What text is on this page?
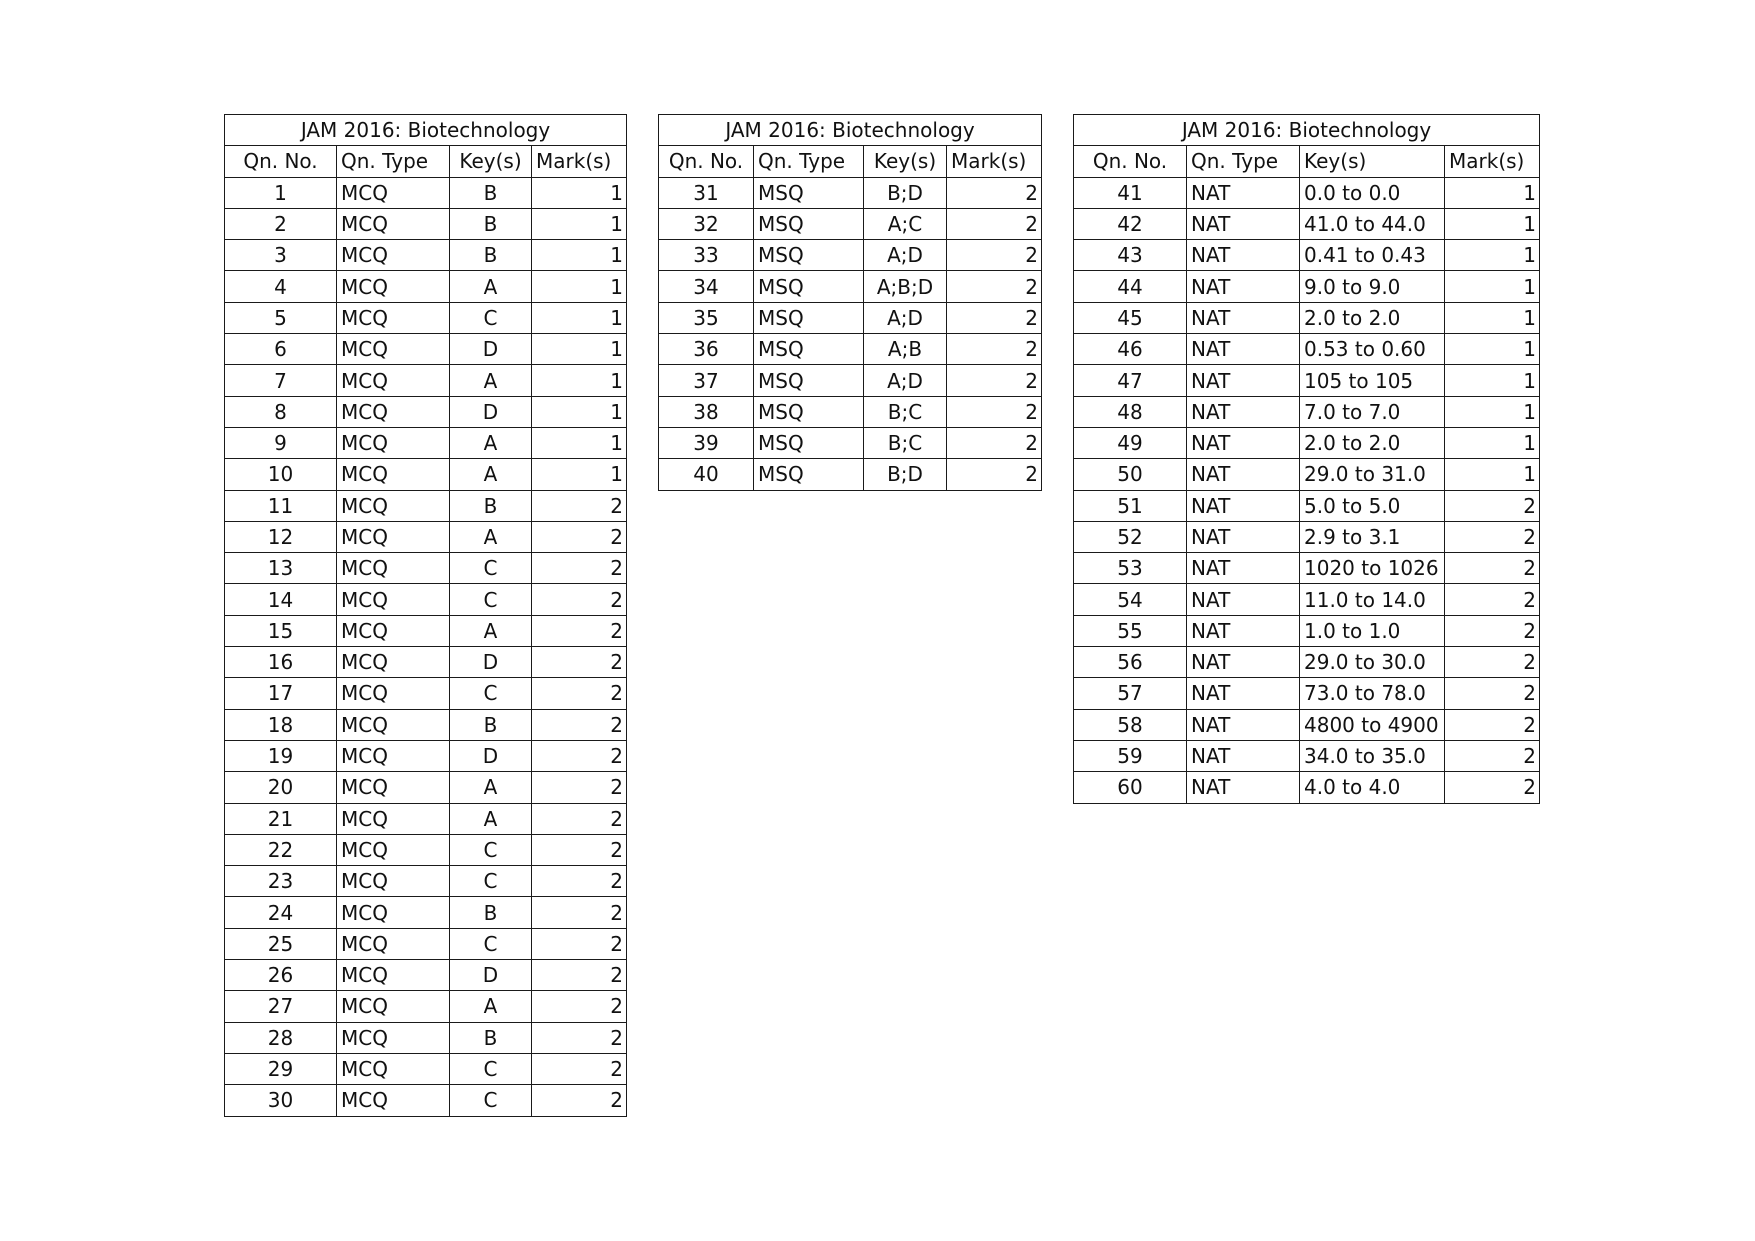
JAM 2016: Biotechnology			
Qn. No.	Qn. Type	Key(s)	Mark(s)
1	MCQ	B	1
2	MCQ	B	1
3	MCQ	B	1
4	MCQ	A	1
5	MCQ	C	1
6	MCQ	D	1
7	MCQ	A	1
8	MCQ	D	1
9	MCQ	A	1
10	MCQ	A	1
11	MCQ	B	2
12	MCQ	A	2
13	MCQ	C	2
14	MCQ	C	2
15	MCQ	A	2
16	MCQ	D	2
17	MCQ	C	2
18	MCQ	B	2
19	MCQ	D	2
20	MCQ	A	2
21	MCQ	A	2
22	MCQ	C	2
23	MCQ	C	2
24	MCQ	B	2
25	MCQ	C	2
26	MCQ	D	2
27	MCQ	A	2
28	MCQ	B	2
29	MCQ	C	2
30	MCQ	C	2
JAM 2016: Biotechnology			
Qn. No.	Qn. Type	Key(s)	Mark(s)
31	MSQ	B;D	2
32	MSQ	A;C	2
33	MSQ	A;D	2
34	MSQ	A;B;D	2
35	MSQ	A;D	2
36	MSQ	A;B	2
37	MSQ	A;D	2
38	MSQ	B;C	2
39	MSQ	B;C	2
40	MSQ	B;D	2
JAM 2016: Biotechnology			
Qn. No.	Qn. Type	Key(s)	Mark(s)
41	NAT	0.0 to 0.0	1
42	NAT	41.0 to 44.0	1
43	NAT	0.41 to 0.43	1
44	NAT	9.0 to 9.0	1
45	NAT	2.0 to 2.0	1
46	NAT	0.53 to 0.60	1
47	NAT	105 to 105	1
48	NAT	7.0 to 7.0	1
49	NAT	2.0 to 2.0	1
50	NAT	29.0 to 31.0	1
51	NAT	5.0 to 5.0	2
52	NAT	2.9 to 3.1	2
53	NAT	1020 to 1026	2
54	NAT	11.0 to 14.0	2
55	NAT	1.0 to 1.0	2
56	NAT	29.0 to 30.0	2
57	NAT	73.0 to 78.0	2
58	NAT	4800 to 4900	2
59	NAT	34.0 to 35.0	2
60	NAT	4.0 to 4.0	2
